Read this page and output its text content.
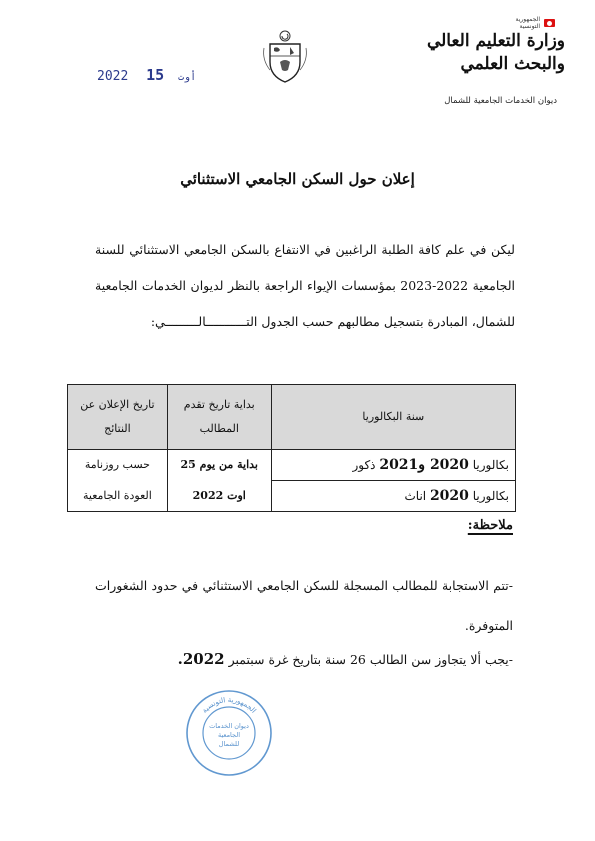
الجمهورية
التونسية
وزارة التعليم العالي
والبحث العلمي
ديوان الخدمات الجامعية للشمال
2022	أوت 15
إعلان حول السكن الجامعي الاستثنائي
ليكن في علم كافة الطلبة الراغبين في الانتفاع بالسكن الجامعي الاستثنائي للسنة الجامعية 2022-2023 بمؤسسات الإيواء الراجعة بالنظر لديوان الخدمات الجامعية للشمال، المبادرة بتسجيل مطالبهم حسب الجدول التـــــــــــالـــــــــي:
سنة البكالوريا	بداية تاريخ تقدم المطالب	تاريخ الإعلان عن النتائج
بكالوريا 2020 و2021 ذكور	بداية من يوم 25	حسب روزنامة
بكالوريا 2020 اناث	اوت 2022	العودة الجامعية
ملاحظة:
-تتم الاستجابة للمطالب المسجلة للسكن الجامعي الاستثنائي في حدود الشغورات المتوفرة.
-يجب ألا يتجاوز سن الطالب 26 سنة بتاريخ غرة سبتمبر 2022.
الجمهورية التونسية
ديوان الخدمات
الجامعية
للشمال
